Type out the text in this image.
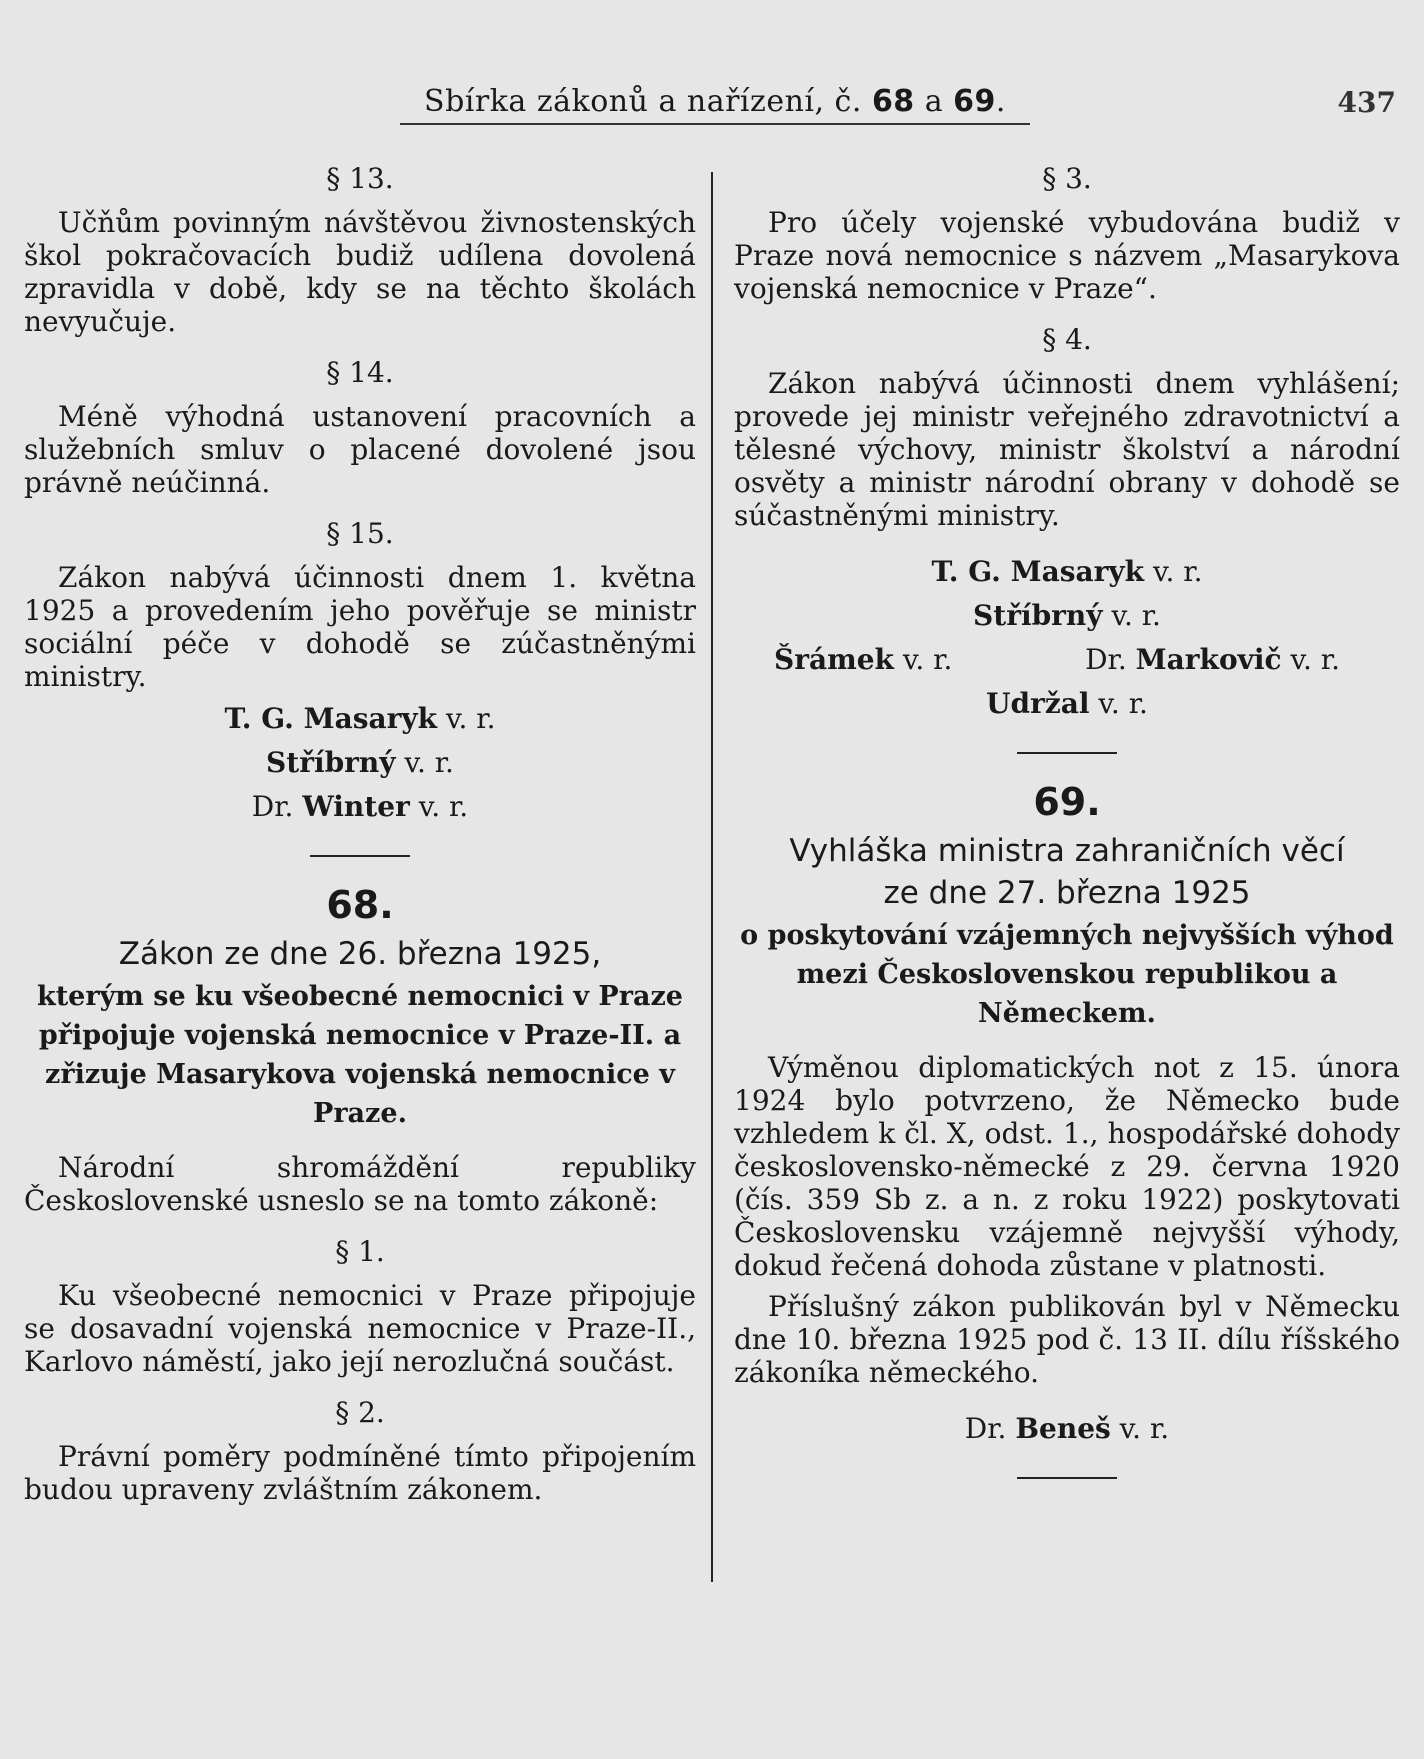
Sbírka zákonů a nařízení, č. 68 a 69.	437

§ 13.

Učňům povinným návštěvou živnostenských škol pokračovacích budiž udílena dovolená zpravidla v době, kdy se na těchto školách nevyučuje.

§ 14.

Méně výhodná ustanovení pracovních a služebních smluv o placené dovolené jsou právně neúčinná.

§ 15.

Zákon nabývá účinnosti dnem 1. května 1925 a provedením jeho pověřuje se ministr sociální péče v dohodě se zúčastněnými ministry.

T. G. Masaryk v. r.

Stříbrný v. r.

Dr. Winter v. r.

68.
Zákon ze dne 26. března 1925,
kterým se ku všeobecné nemocnici v Praze připojuje vojenská nemocnice v Praze-II. a zřizuje Masarykova vojenská nemocnice v Praze.

Národní shromáždění republiky Československé usneslo se na tomto zákoně:

§ 1.

Ku všeobecné nemocnici v Praze připojuje se dosavadní vojenská nemocnice v Praze-II., Karlovo náměstí, jako její nerozlučná součást.

§ 2.

Právní poměry podmíněné tímto připojením budou upraveny zvláštním zákonem.

§ 3.

Pro účely vojenské vybudována budiž v Praze nová nemocnice s názvem „Masarykova vojenská nemocnice v Praze“.

§ 4.

Zákon nabývá účinnosti dnem vyhlášení; provede jej ministr veřejného zdravotnictví a tělesné výchovy, ministr školství a národní osvěty a ministr národní obrany v dohodě se súčastněnými ministry.

T. G. Masaryk v. r.

Stříbrný v. r.

Šrámek v. r.	Dr. Markovič v. r.

Udržal v. r.

69.
Vyhláška ministra zahraničních věcí
ze dne 27. března 1925
o poskytování vzájemných nejvyšších výhod mezi Československou republikou a Německem.

Výměnou diplomatických not z 15. února 1924 bylo potvrzeno, že Německo bude vzhledem k čl. X, odst. 1., hospodářské dohody československo-německé z 29. června 1920 (čís. 359 Sb z. a n. z roku 1922) poskytovati Československu vzájemně nejvyšší výhody, dokud řečená dohoda zůstane v platnosti.

Příslušný zákon publikován byl v Německu dne 10. března 1925 pod č. 13 II. dílu říšského zákoníka německého.

Dr. Beneš v. r.
